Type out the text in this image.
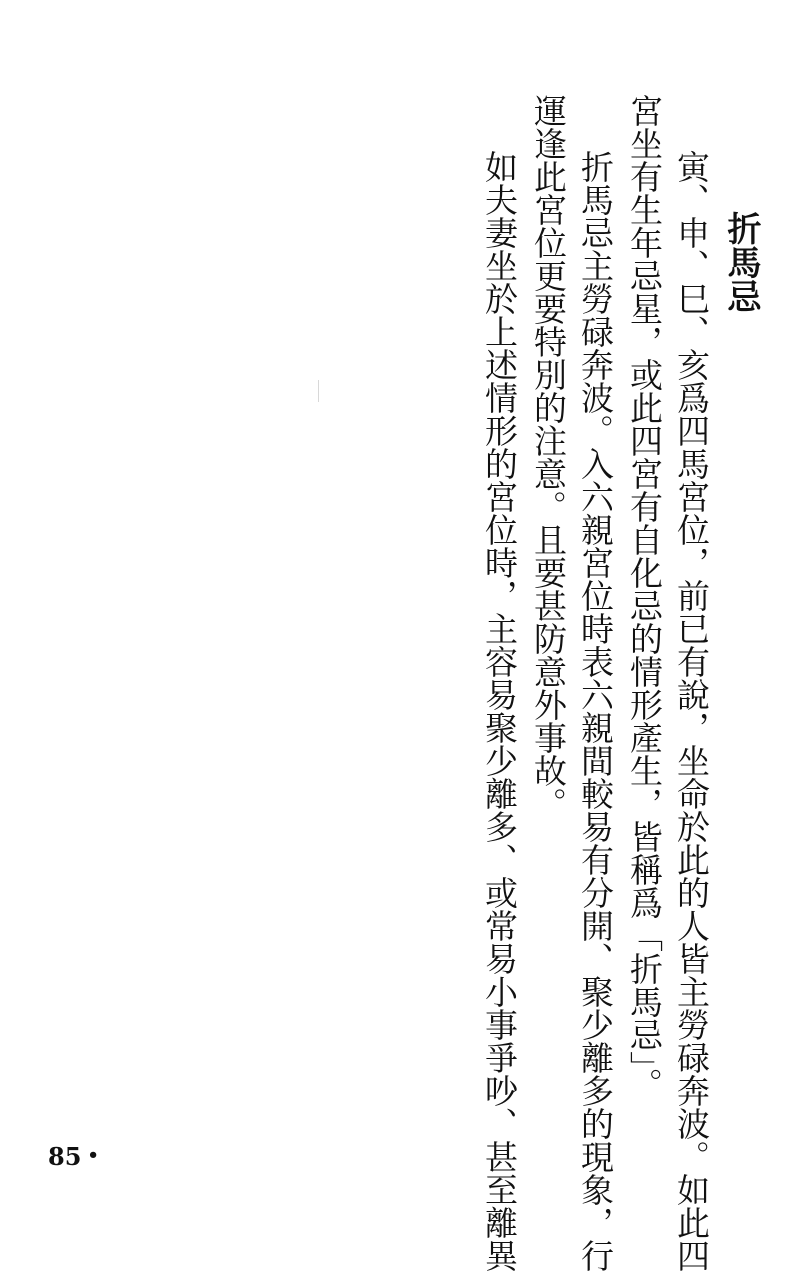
折馬忌

寅、申、巳、亥爲四馬宮位，前已有說，坐命於此的人皆主勞碌奔波。如此四

宮坐有生年忌星，或此四宮有自化忌的情形產生，皆稱爲「折馬忌」。

折馬忌主勞碌奔波。入六親宮位時表六親間較易有分開、聚少離多的現象，行

運逢此宮位更要特別的注意。且要甚防意外事故。

如夫妻坐於上述情形的宮位時，主容易聚少離多、或常易小事爭吵、甚至離異

85 •
